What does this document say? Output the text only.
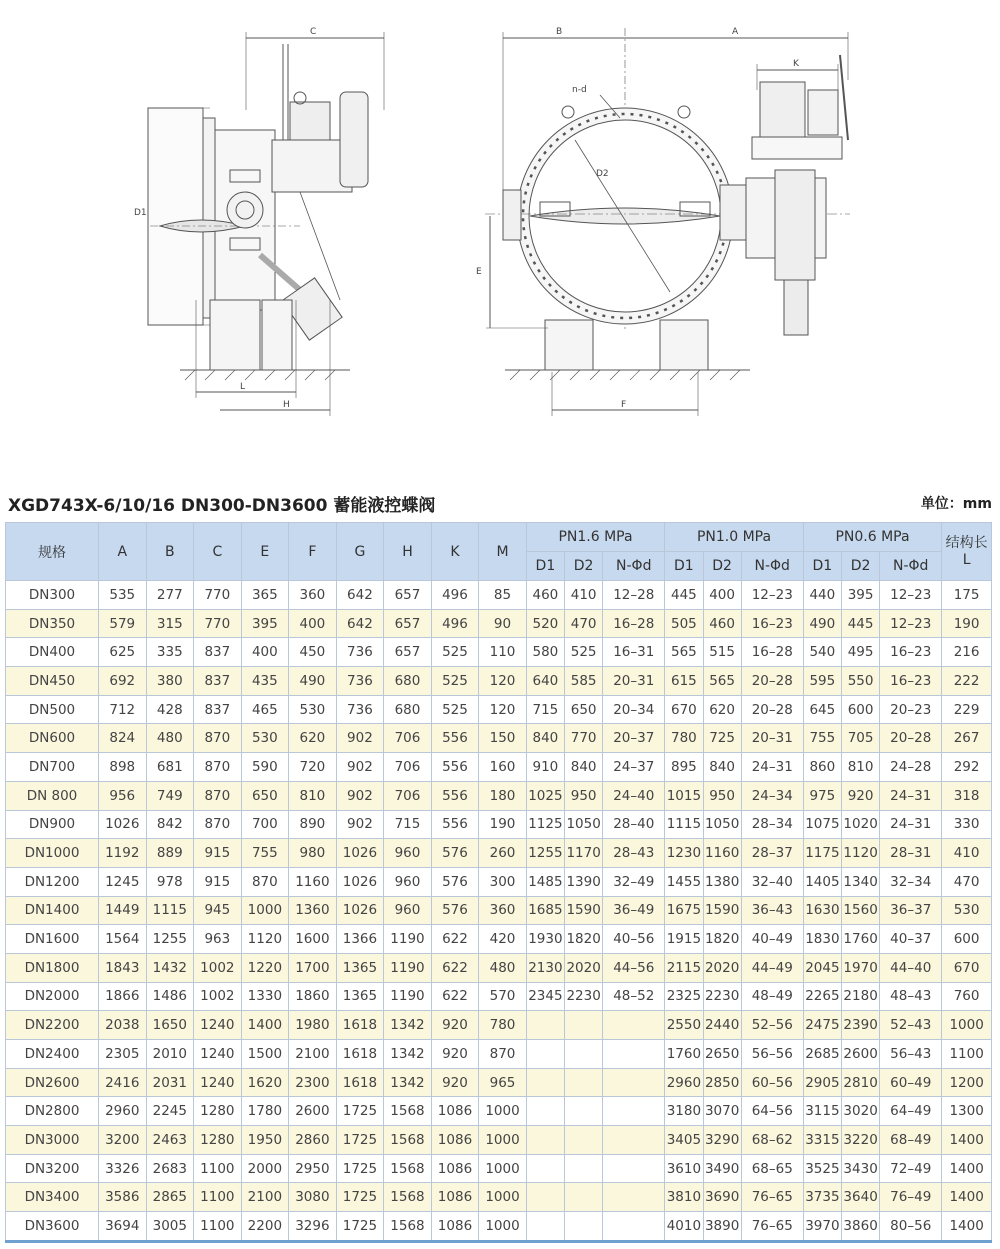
C
D1
L
H
B	A
K
n-d
D2
E
F
XGD743X-6/10/16 DN300-DN3600 蓄能液控蝶阀	单位：mm
规格	A	B	C	E	F	G	H	K	M	PN1.6 MPa			PN1.0 MPa			PN0.6 MPa			结构长L
										D1	D2	N-Φd	D1	D2	N-Φd	D1	D2	N-Φd	
DN300	535	277	770	365	360	642	657	496	85	460	410	12–28	445	400	12–23	440	395	12–23	175
DN350	579	315	770	395	400	642	657	496	90	520	470	16–28	505	460	16–23	490	445	12–23	190
DN400	625	335	837	400	450	736	657	525	110	580	525	16–31	565	515	16–28	540	495	16–23	216
DN450	692	380	837	435	490	736	680	525	120	640	585	20–31	615	565	20–28	595	550	16–23	222
DN500	712	428	837	465	530	736	680	525	120	715	650	20–34	670	620	20–28	645	600	20–23	229
DN600	824	480	870	530	620	902	706	556	150	840	770	20–37	780	725	20–31	755	705	20–28	267
DN700	898	681	870	590	720	902	706	556	160	910	840	24–37	895	840	24–31	860	810	24–28	292
DN 800	956	749	870	650	810	902	706	556	180	1025	950	24–40	1015	950	24–34	975	920	24–31	318
DN900	1026	842	870	700	890	902	715	556	190	1125	1050	28–40	1115	1050	28–34	1075	1020	24–31	330
DN1000	1192	889	915	755	980	1026	960	576	260	1255	1170	28–43	1230	1160	28–37	1175	1120	28–31	410
DN1200	1245	978	915	870	1160	1026	960	576	300	1485	1390	32–49	1455	1380	32–40	1405	1340	32–34	470
DN1400	1449	1115	945	1000	1360	1026	960	576	360	1685	1590	36–49	1675	1590	36–43	1630	1560	36–37	530
DN1600	1564	1255	963	1120	1600	1366	1190	622	420	1930	1820	40–56	1915	1820	40–49	1830	1760	40–37	600
DN1800	1843	1432	1002	1220	1700	1365	1190	622	480	2130	2020	44–56	2115	2020	44–49	2045	1970	44–40	670
DN2000	1866	1486	1002	1330	1860	1365	1190	622	570	2345	2230	48–52	2325	2230	48–49	2265	2180	48–43	760
DN2200	2038	1650	1240	1400	1980	1618	1342	920	780				2550	2440	52–56	2475	2390	52–43	1000
DN2400	2305	2010	1240	1500	2100	1618	1342	920	870				1760	2650	56–56	2685	2600	56–43	1100
DN2600	2416	2031	1240	1620	2300	1618	1342	920	965				2960	2850	60–56	2905	2810	60–49	1200
DN2800	2960	2245	1280	1780	2600	1725	1568	1086	1000				3180	3070	64–56	3115	3020	64–49	1300
DN3000	3200	2463	1280	1950	2860	1725	1568	1086	1000				3405	3290	68–62	3315	3220	68–49	1400
DN3200	3326	2683	1100	2000	2950	1725	1568	1086	1000				3610	3490	68–65	3525	3430	72–49	1400
DN3400	3586	2865	1100	2100	3080	1725	1568	1086	1000				3810	3690	76–65	3735	3640	76–49	1400
DN3600	3694	3005	1100	2200	3296	1725	1568	1086	1000				4010	3890	76–65	3970	3860	80–56	1400
